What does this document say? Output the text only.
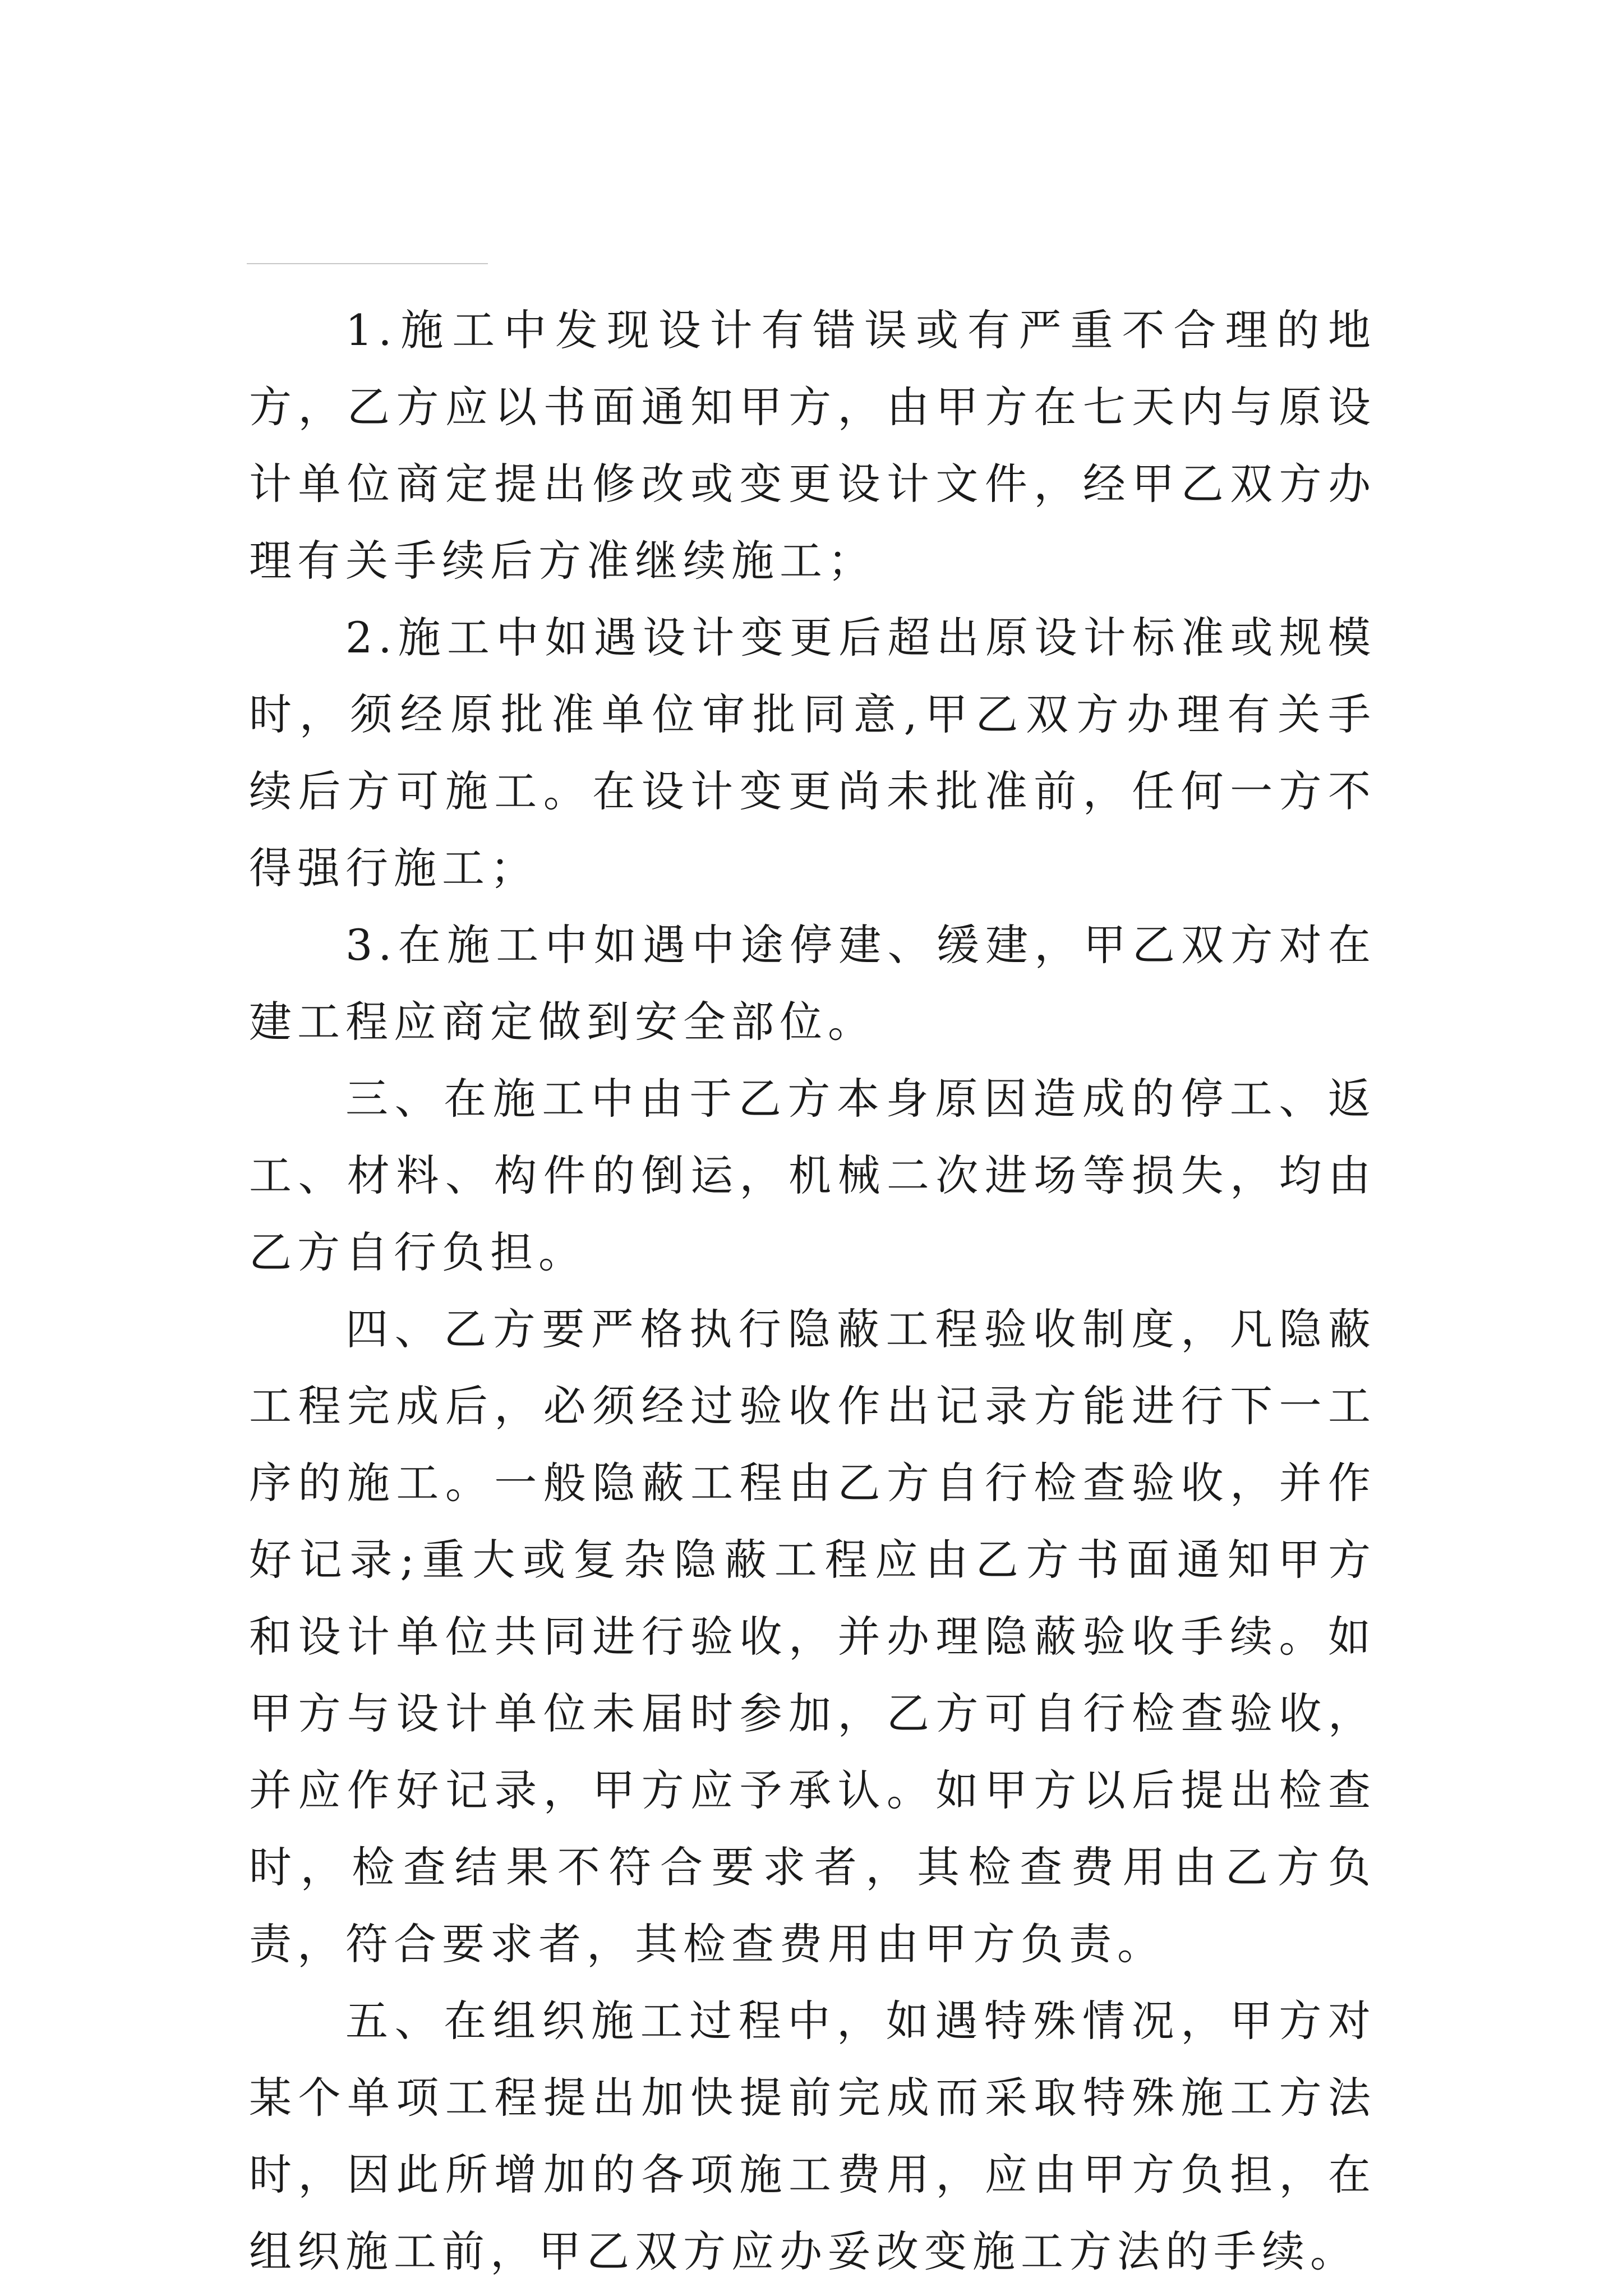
1.施工中发现设计有错误或有严重不合理的地方，乙方应以书面通知甲方，由甲方在七天内与原设计单位商定提出修改或变更设计文件，经甲乙双方办理有关手续后方准继续施工；

2.施工中如遇设计变更后超出原设计标准或规模时，须经原批准单位审批同意,甲乙双方办理有关手续后方可施工。在设计变更尚未批准前，任何一方不得强行施工；

3.在施工中如遇中途停建、缓建，甲乙双方对在建工程应商定做到安全部位。

三、在施工中由于乙方本身原因造成的停工、返工、材料、构件的倒运，机械二次进场等损失，均由乙方自行负担。

四、乙方要严格执行隐蔽工程验收制度，凡隐蔽工程完成后，必须经过验收作出记录方能进行下一工序的施工。一般隐蔽工程由乙方自行检查验收，并作好记录;重大或复杂隐蔽工程应由乙方书面通知甲方和设计单位共同进行验收，并办理隐蔽验收手续。如甲方与设计单位未届时参加，乙方可自行检查验收，并应作好记录，甲方应予承认。如甲方以后提出检查时，检查结果不符合要求者，其检查费用由乙方负责，符合要求者，其检查费用由甲方负责。

五、在组织施工过程中，如遇特殊情况，甲方对某个单项工程提出加快提前完成而采取特殊施工方法时，因此所增加的各项施工费用，应由甲方负担，在组织施工前，甲乙双方应办妥改变施工方法的手续。
